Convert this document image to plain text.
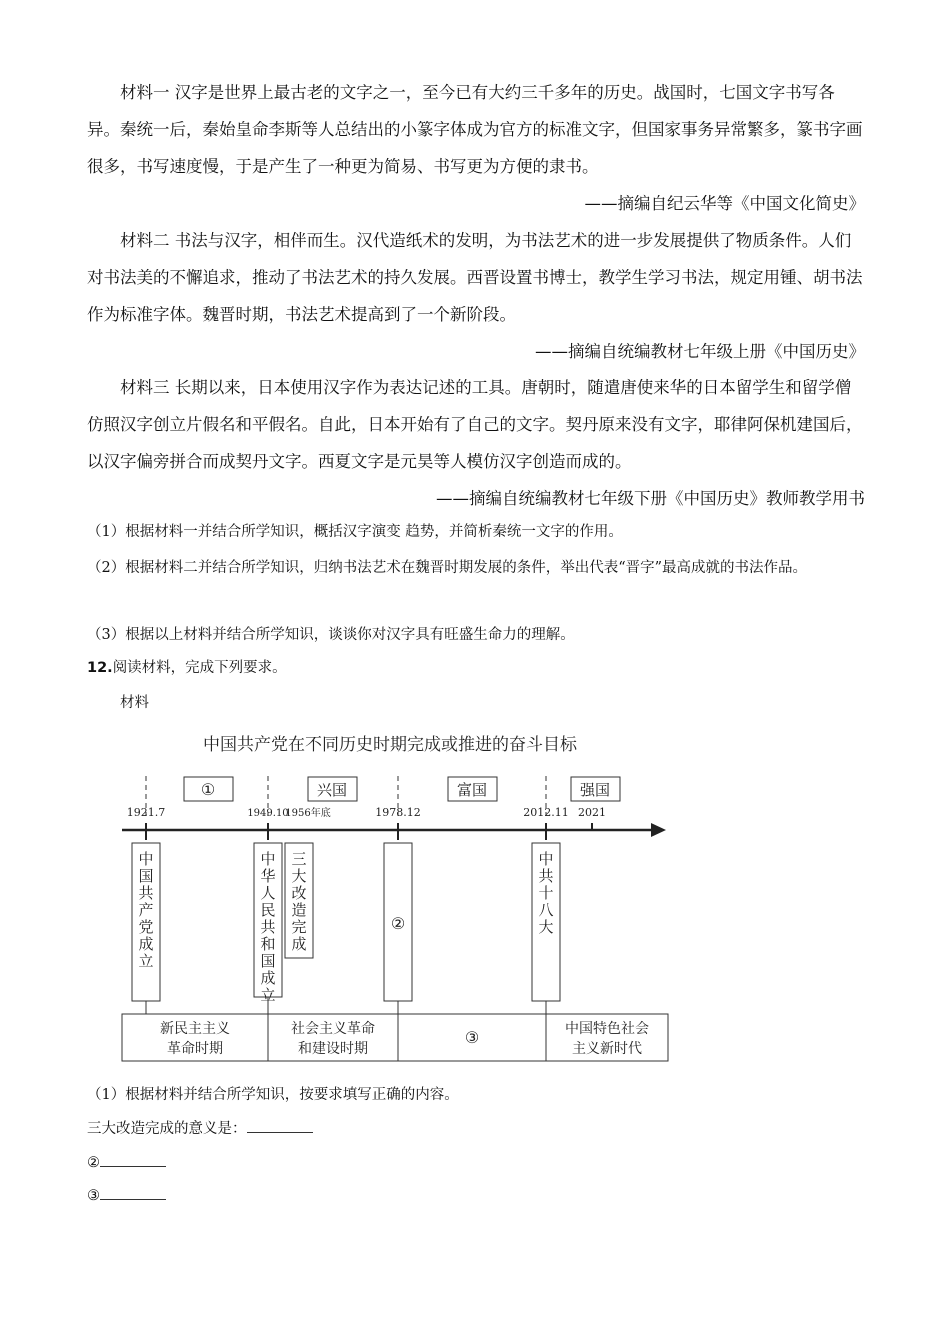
材料一 汉字是世界上最古老的文字之一，至今已有大约三千多年的历史。战国时，七国文字书写各异。秦统一后，秦始皇命李斯等人总结出的小篆字体成为官方的标准文字，但国家事务异常繁多，篆书字画很多，书写速度慢，于是产生了一种更为简易、书写更为方便的隶书。

——摘编自纪云华等《中国文化简史》

材料二 书法与汉字，相伴而生。汉代造纸术的发明，为书法艺术的进一步发展提供了物质条件。人们对书法美的不懈追求，推动了书法艺术的持久发展。西晋设置书博士，教学生学习书法，规定用锺、胡书法作为标准字体。魏晋时期，书法艺术提高到了一个新阶段。

——摘编自统编教材七年级上册《中国历史》

材料三 长期以来，日本使用汉字作为表达记述的工具。唐朝时，随遣唐使来华的日本留学生和留学僧仿照汉字创立片假名和平假名。自此，日本开始有了自己的文字。契丹原来没有文字，耶律阿保机建国后，以汉字偏旁拼合而成契丹文字。西夏文字是元昊等人模仿汉字创造而成的。

——摘编自统编教材七年级下册《中国历史》教师教学用书

（1）根据材料一并结合所学知识，概括汉字演变 趋势，并简析秦统一文字的作用。

（2）根据材料二并结合所学知识，归纳书法艺术在魏晋时期发展的条件，举出代表“晋字”最高成就的书法作品。

（3）根据以上材料并结合所学知识，谈谈你对汉字具有旺盛生命力的理解。

12.阅读材料，完成下列要求。

材料

中国共产党在不同历史时期完成或推进的奋斗目标
①	兴国	富国	强国
1921.7	1949.10
1956年底	1978.12	2012.11 2021
中国共产党成立
中华人民共和国成立
三大改造完成
②
中共十八大
新民主主义
革命时期
社会主义革命
和建设时期
③	中国特色社会
主义新时代

（1）根据材料并结合所学知识，按要求填写正确的内容。

三大改造完成的意义是：

②

③
